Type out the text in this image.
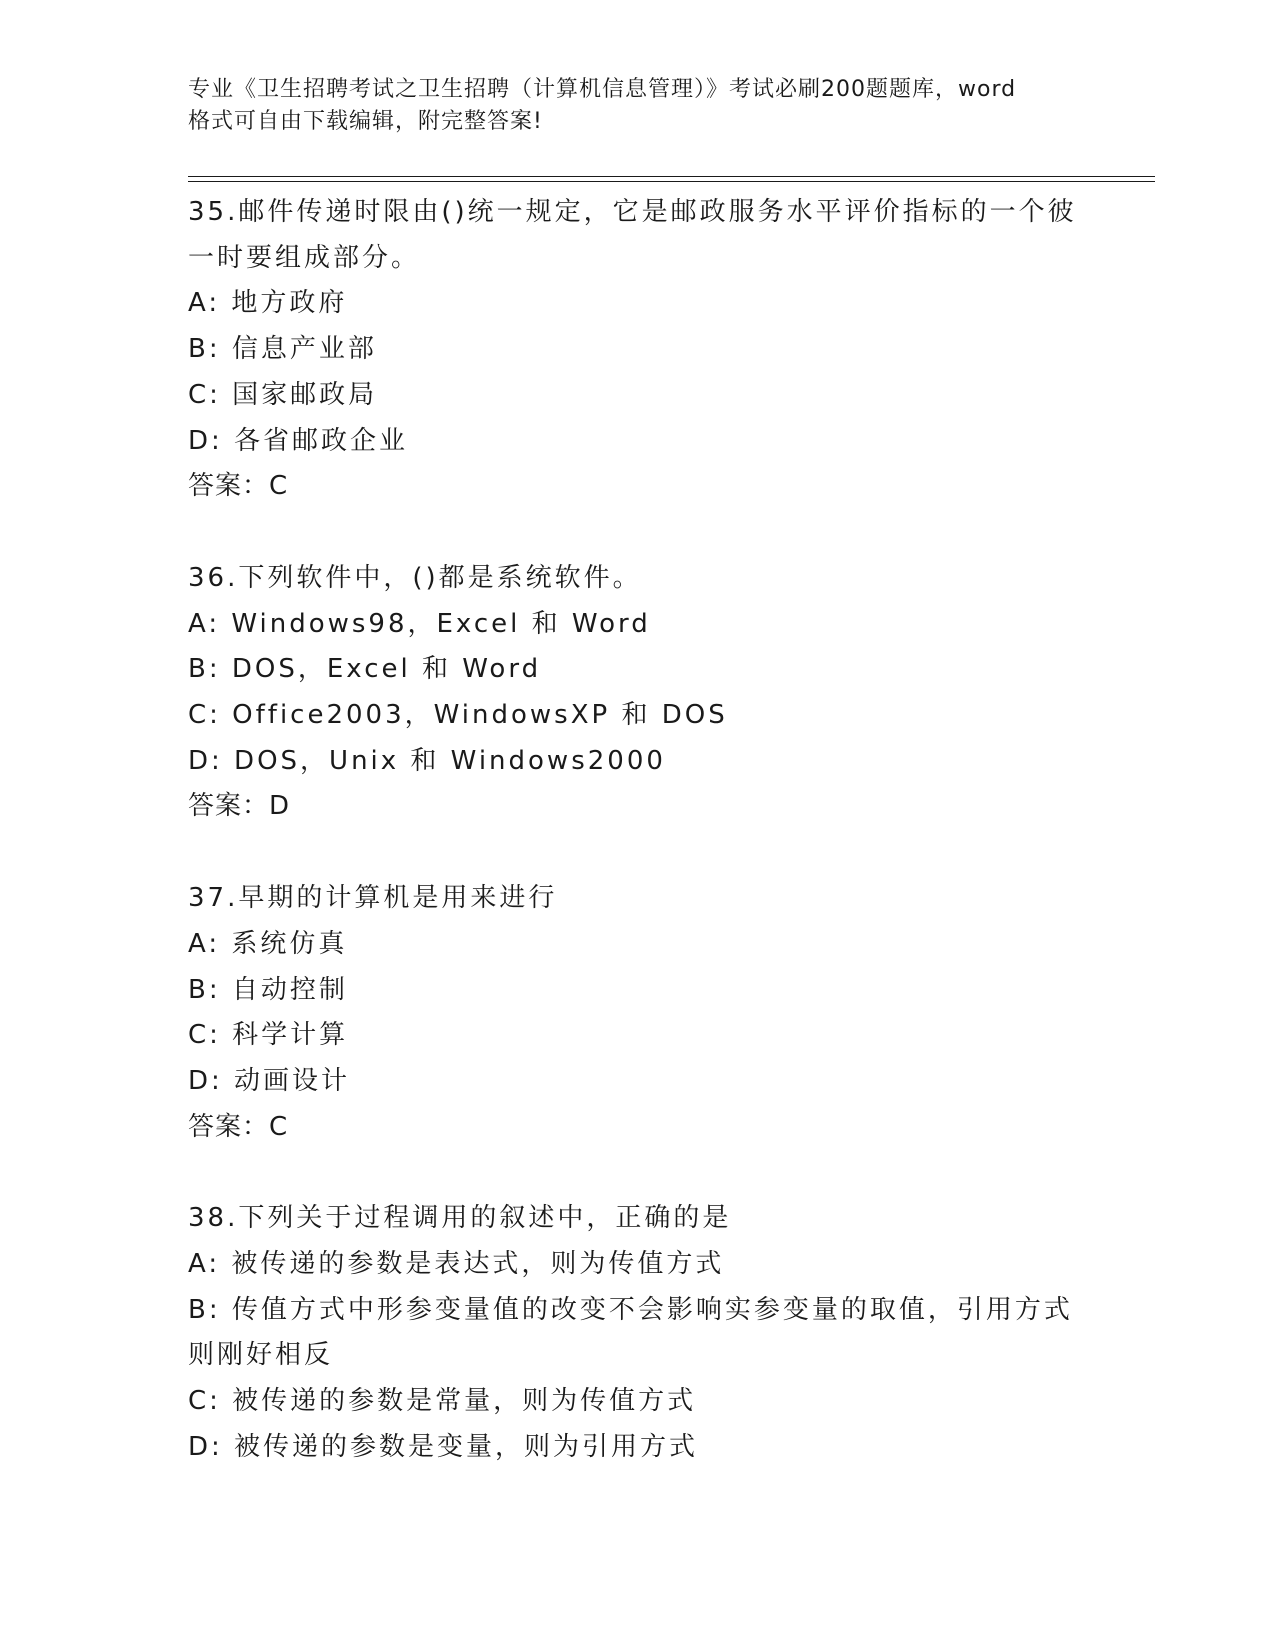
专业《卫生招聘考试之卫生招聘（计算机信息管理）》考试必刷200题题库，word
格式可自由下载编辑，附完整答案!
35.邮件传递时限由()统一规定，它是邮政服务水平评价指标的一个彼
一时要组成部分。
A: 地方政府
B: 信息产业部
C: 国家邮政局
D: 各省邮政企业
答案：C
36.下列软件中，()都是系统软件。
A: Windows98，Excel 和 Word
B: DOS，Excel 和 Word
C: Office2003，WindowsXP 和 DOS
D: DOS，Unix 和 Windows2000
答案：D
37.早期的计算机是用来进行
A: 系统仿真
B: 自动控制
C: 科学计算
D: 动画设计
答案：C
38.下列关于过程调用的叙述中，正确的是
A: 被传递的参数是表达式，则为传值方式
B: 传值方式中形参变量值的改变不会影响实参变量的取值，引用方式
则刚好相反
C: 被传递的参数是常量，则为传值方式
D: 被传递的参数是变量，则为引用方式
